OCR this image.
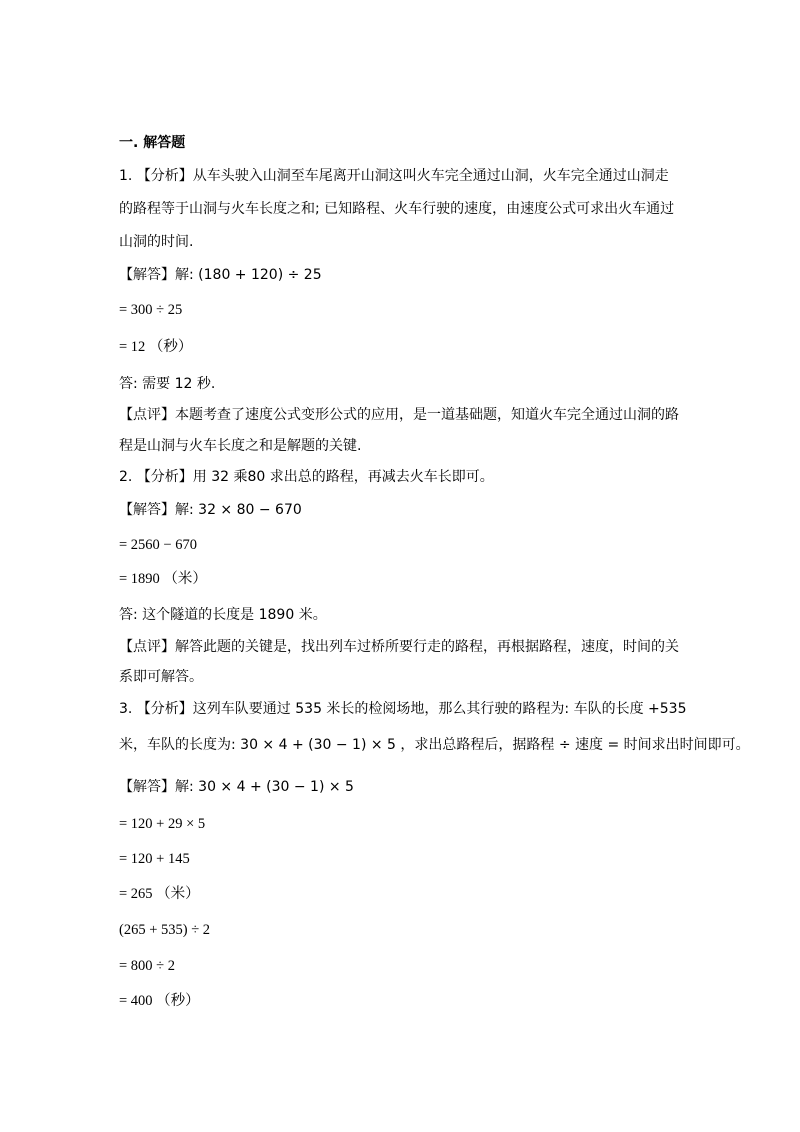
一. 解答题
1. 【分析】从车头驶入山洞至车尾离开山洞这叫火车完全通过山洞，火车完全通过山洞走
的路程等于山洞与火车长度之和; 已知路程、火车行驶的速度，由速度公式可求出火车通过
山洞的时间.
【解答】解: (180 + 120) ÷ 25
= 300 ÷ 25
= 12 （秒）
答: 需要 12 秒.
【点评】本题考查了速度公式变形公式的应用，是一道基础题，知道火车完全通过山洞的路
程是山洞与火车长度之和是解题的关键.
2. 【分析】用 32 乘80 求出总的路程，再减去火车长即可。
【解答】解: 32 × 80 − 670
= 2560 − 670
= 1890 （米）
答: 这个隧道的长度是 1890 米。
【点评】解答此题的关键是，找出列车过桥所要行走的路程，再根据路程，速度，时间的关
系即可解答。
3. 【分析】这列车队要通过 535 米长的检阅场地，那么其行驶的路程为: 车队的长度 +535
米，车队的长度为: 30 × 4 + (30 − 1) × 5 ，求出总路程后，据路程 ÷ 速度 = 时间求出时间即可。
【解答】解: 30 × 4 + (30 − 1) × 5
= 120 + 29 × 5
= 120 + 145
= 265 （米）
(265 + 535) ÷ 2
= 800 ÷ 2
= 400 （秒）
